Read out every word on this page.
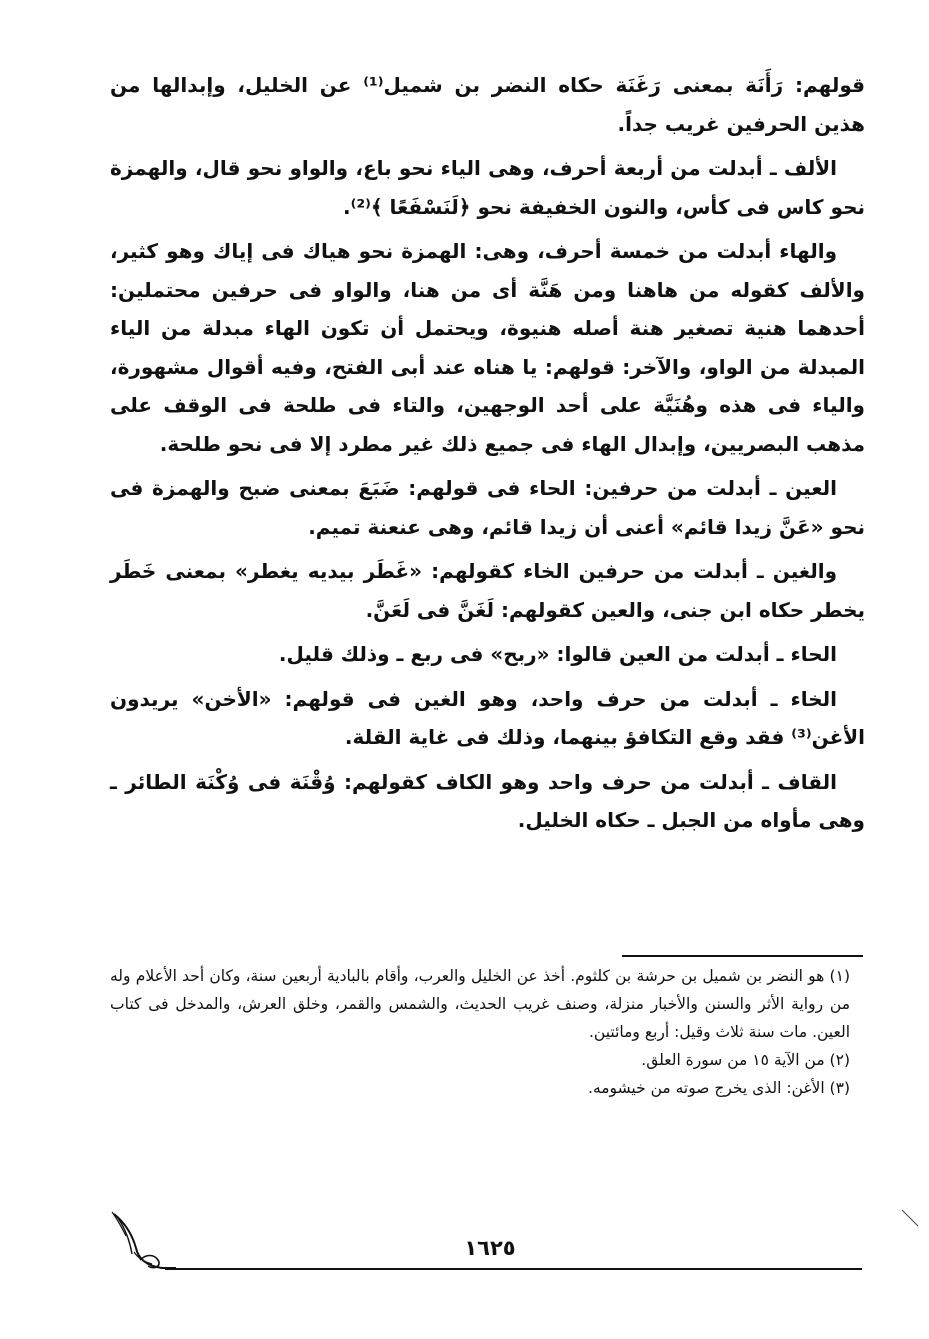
قولهم: رَأَنَة بمعنى رَغَنَة حكاه النضر بن شميل⁽¹⁾ عن الخليل، وإبدالها من هذين الحرفين غريب جداً.

الألف ـ أبدلت من أربعة أحرف، وهى الياء نحو باع، والواو نحو قال، والهمزة نحو كاس فى كأس، والنون الخفيفة نحو ﴿لَنَسْفَعًا ﴾⁽²⁾.

والهاء أبدلت من خمسة أحرف، وهى: الهمزة نحو هياك فى إياك وهو كثير، والألف كقوله من هاهنا ومن هَنَّة أى من هنا، والواو فى حرفين محتملين: أحدهما هنية تصغير هنة أصله هنيوة، ويحتمل أن تكون الهاء مبدلة من الياء المبدلة من الواو، والآخر: قولهم: يا هناه عند أبى الفتح، وفيه أقوال مشهورة، والياء فى هذه وهُنَيَّة على أحد الوجهين، والتاء فى طلحة فى الوقف على مذهب البصريين، وإبدال الهاء فى جميع ذلك غير مطرد إلا فى نحو طلحة.

العين ـ أبدلت من حرفين: الحاء فى قولهم: ضَبَعَ بمعنى ضبح والهمزة فى نحو «عَنَّ زيدا قائم» أعنى أن زيدا قائم، وهى عنعنة تميم.

والغين ـ أبدلت من حرفين الخاء كقولهم: «غَطَر بيديه يغطر» بمعنى خَطَر يخطر حكاه ابن جنى، والعين كقولهم: لَغَنَّ فى لَعَنَّ.

الحاء ـ أبدلت من العين قالوا: «ربح» فى ربع ـ وذلك قليل.

الخاء ـ أبدلت من حرف واحد، وهو الغين فى قولهم: «الأخن» يريدون الأغن⁽³⁾ فقد وقع التكافؤ بينهما، وذلك فى غاية القلة.

القاف ـ أبدلت من حرف واحد وهو الكاف كقولهم: وُقْنَة فى وُكْنَة الطائر ـ وهى مأواه من الجبل ـ حكاه الخليل.

(١) هو النضر بن شميل بن حرشة بن كلثوم. أخذ عن الخليل والعرب، وأقام بالبادية أربعين سنة، وكان أحد الأعلام وله من رواية الأثر والسنن والأخبار منزلة، وصنف غريب الحديث، والشمس والقمر، وخلق العرش، والمدخل فى كتاب العين. مات سنة ثلاث وقيل: أربع ومائتين.

(٢) من الآية ١٥ من سورة العلق.

(٣) الأغن: الذى يخرج صوته من خيشومه.

١٦٢٥
